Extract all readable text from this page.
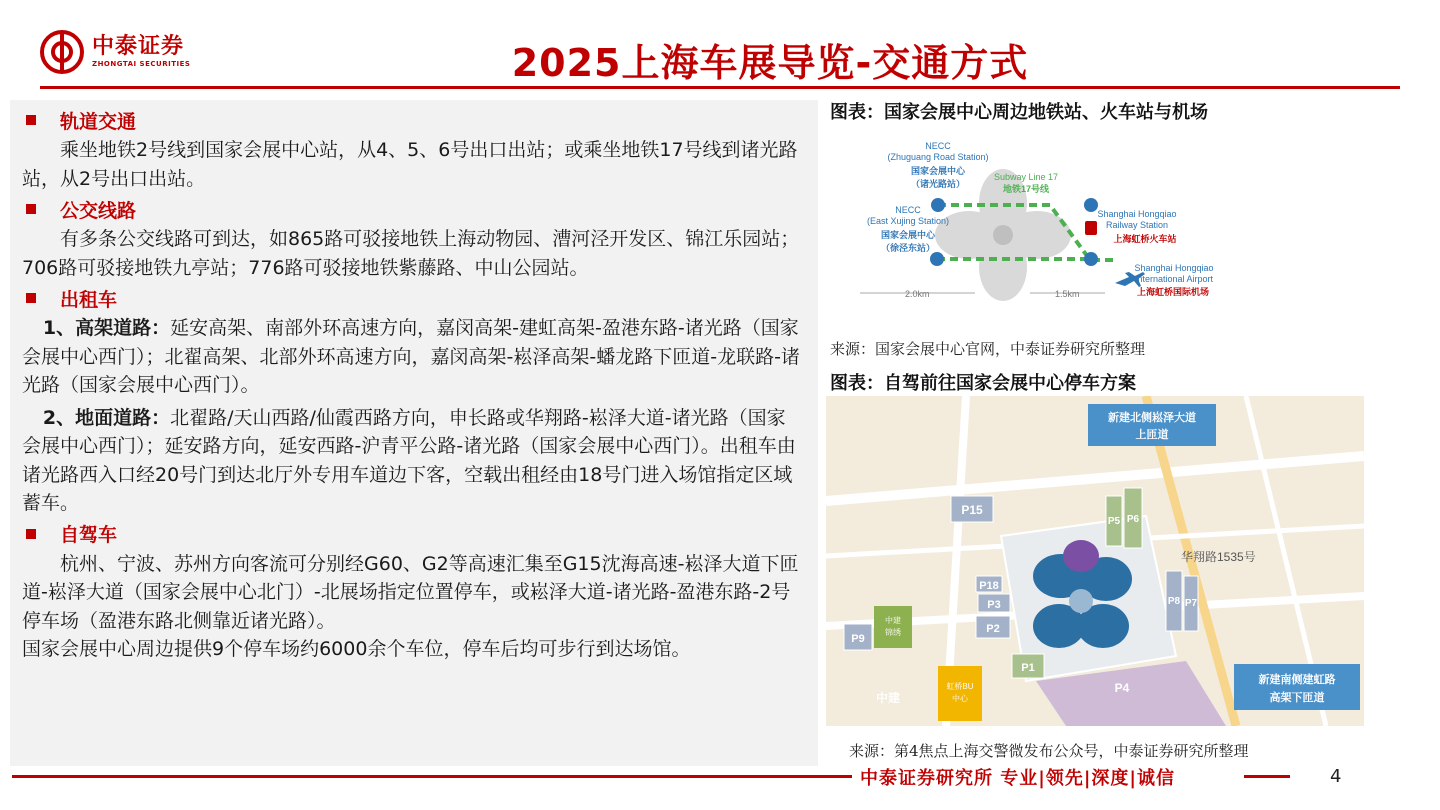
中泰证券
ZHONGTAI SECURITIES	2025上海车展导览-交通方式
轨道交通

乘坐地铁2号线到国家会展中心站，从4、5、6号出口出站；或乘坐地铁17号线到诸光路站，从2号出口出站。

公交线路

有多条公交线路可到达，如865路可驳接地铁上海动物园、漕河泾开发区、锦江乐园站；706路可驳接地铁九亭站；776路可驳接地铁紫藤路、中山公园站。

出租车

1、高架道路：延安高架、南部外环高速方向，嘉闵高架-建虹高架-盈港东路-诸光路（国家会展中心西门）；北翟高架、北部外环高速方向，嘉闵高架-崧泽高架-蟠龙路下匝道-龙联路-诸光路（国家会展中心西门）。

2、地面道路：北翟路/天山西路/仙霞西路方向，申长路或华翔路-崧泽大道-诸光路（国家会展中心西门）；延安路方向，延安西路-沪青平公路-诸光路（国家会展中心西门）。出租车由诸光路西入口经20号门到达北厅外专用车道边下客，空载出租经由18号门进入场馆指定区域蓄车。

自驾车

杭州、宁波、苏州方向客流可分别经G60、G2等高速汇集至G15沈海高速-崧泽大道下匝道-崧泽大道（国家会展中心北门）-北展场指定位置停车，或崧泽大道-诸光路-盈港东路-2号停车场（盈港东路北侧靠近诸光路）。

国家会展中心周边提供9个停车场约6000余个车位，停车后均可步行到达场馆。

图表：国家会展中心周边地铁站、火车站与机场
NECC
(Zhuguang Road Station)
国家会展中心
（诸光路站）
NECC
(East Xujing Station)
国家会展中心
（徐泾东站）
Shanghai Hongqiao
Railway Station
Shanghai Hongqiao
International Airport
Subway Line 17
地铁17号线
上海虹桥火车站
上海虹桥国际机场
2.0km	1.5km
来源：国家会展中心官网，中泰证券研究所整理
图表：自驾前往国家会展中心停车方案
P15
P18
P3
P2
P9
P1
P6
P5
P8 P7
P4
虹桥BU
中心
中建
锦绣
中建
华翔路1535号
新建北侧崧泽大道
上匝道
新建南侧建虹路
高架下匝道
来源：第4焦点上海交警微发布公众号，中泰证券研究所整理
中泰证券研究所 专业|领先|深度|诚信	4
